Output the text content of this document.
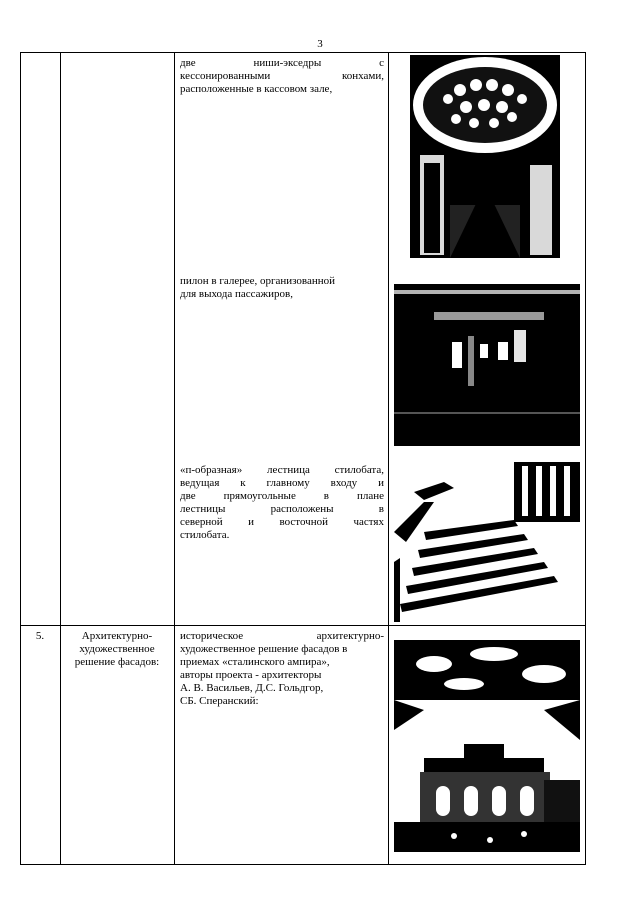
3
две ниши-экседры с
кессонированными конхами,
расположенные в кассовом зале,
пилон в галерее, организованной
для выхода пассажиров,
«п-образная» лестница стилобата,
ведущая к главному входу и
две прямоугольные в плане
лестницы расположены в
северной и восточной частях
стилобата.
5.	Архитектурно-
художественное
решение фасадов:
историческое архитектурно-
художественное решение фасадов в
приемах «сталинского ампира»,
авторы проекта - архитекторы
А. В. Васильев, Д.С. Гольдгор,
СБ. Сперанский:
